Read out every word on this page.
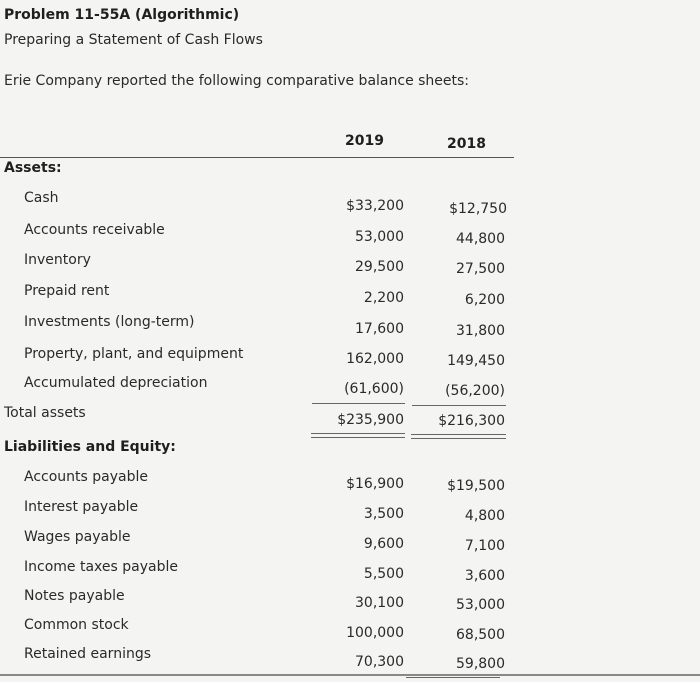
Problem 11-55A (Algorithmic)
Preparing a Statement of Cash Flows
Erie Company reported the following comparative balance sheets:
2019	2018
Assets:
Cash	$33,200	$12,750
Accounts receivable	53,000	44,800
Inventory	29,500	27,500
Prepaid rent	2,200	6,200
Investments (long-term)	17,600	31,800
Property, plant, and equipment	162,000	149,450
Accumulated depreciation	(61,600)	(56,200)
Total assets	$235,900	$216,300
Liabilities and Equity:
Accounts payable	$16,900	$19,500
Interest payable	3,500	4,800
Wages payable	9,600	7,100
Income taxes payable	5,500	3,600
Notes payable	30,100	53,000
Common stock	100,000	68,500
Retained earnings	70,300	59,800
